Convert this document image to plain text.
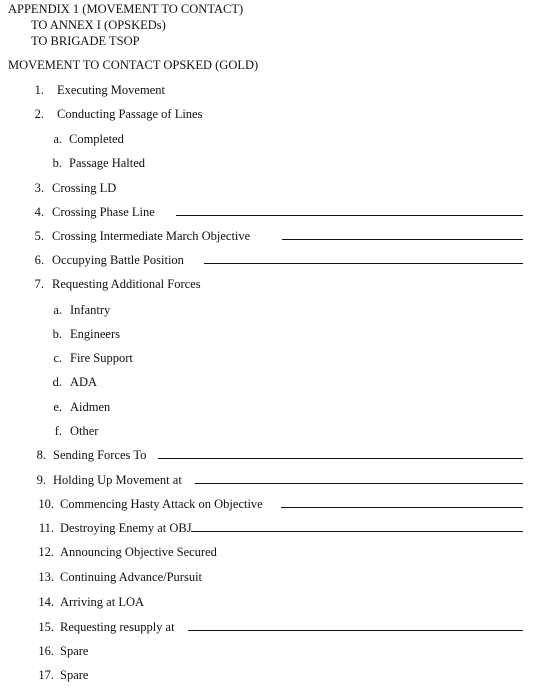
APPENDIX 1 (MOVEMENT TO CONTACT)
TO ANNEX I (OPSKEDs)
TO BRIGADE TSOP
MOVEMENT TO CONTACT OPSKED (GOLD)
1. Executing Movement
2. Conducting Passage of Lines
a. Completed
b. Passage Halted
3. Crossing LD
4. Crossing Phase Line
5. Crossing Intermediate March Objective
6. Occupying Battle Position
7. Requesting Additional Forces
a. Infantry
b. Engineers
c. Fire Support
d. ADA
e. Aidmen
f. Other
8. Sending Forces To
9. Holding Up Movement at
10. Commencing Hasty Attack on Objective
11. Destroying Enemy at OBJ
12. Announcing Objective Secured
13. Continuing Advance/Pursuit
14. Arriving at LOA
15. Requesting resupply at
16. Spare
17. Spare
